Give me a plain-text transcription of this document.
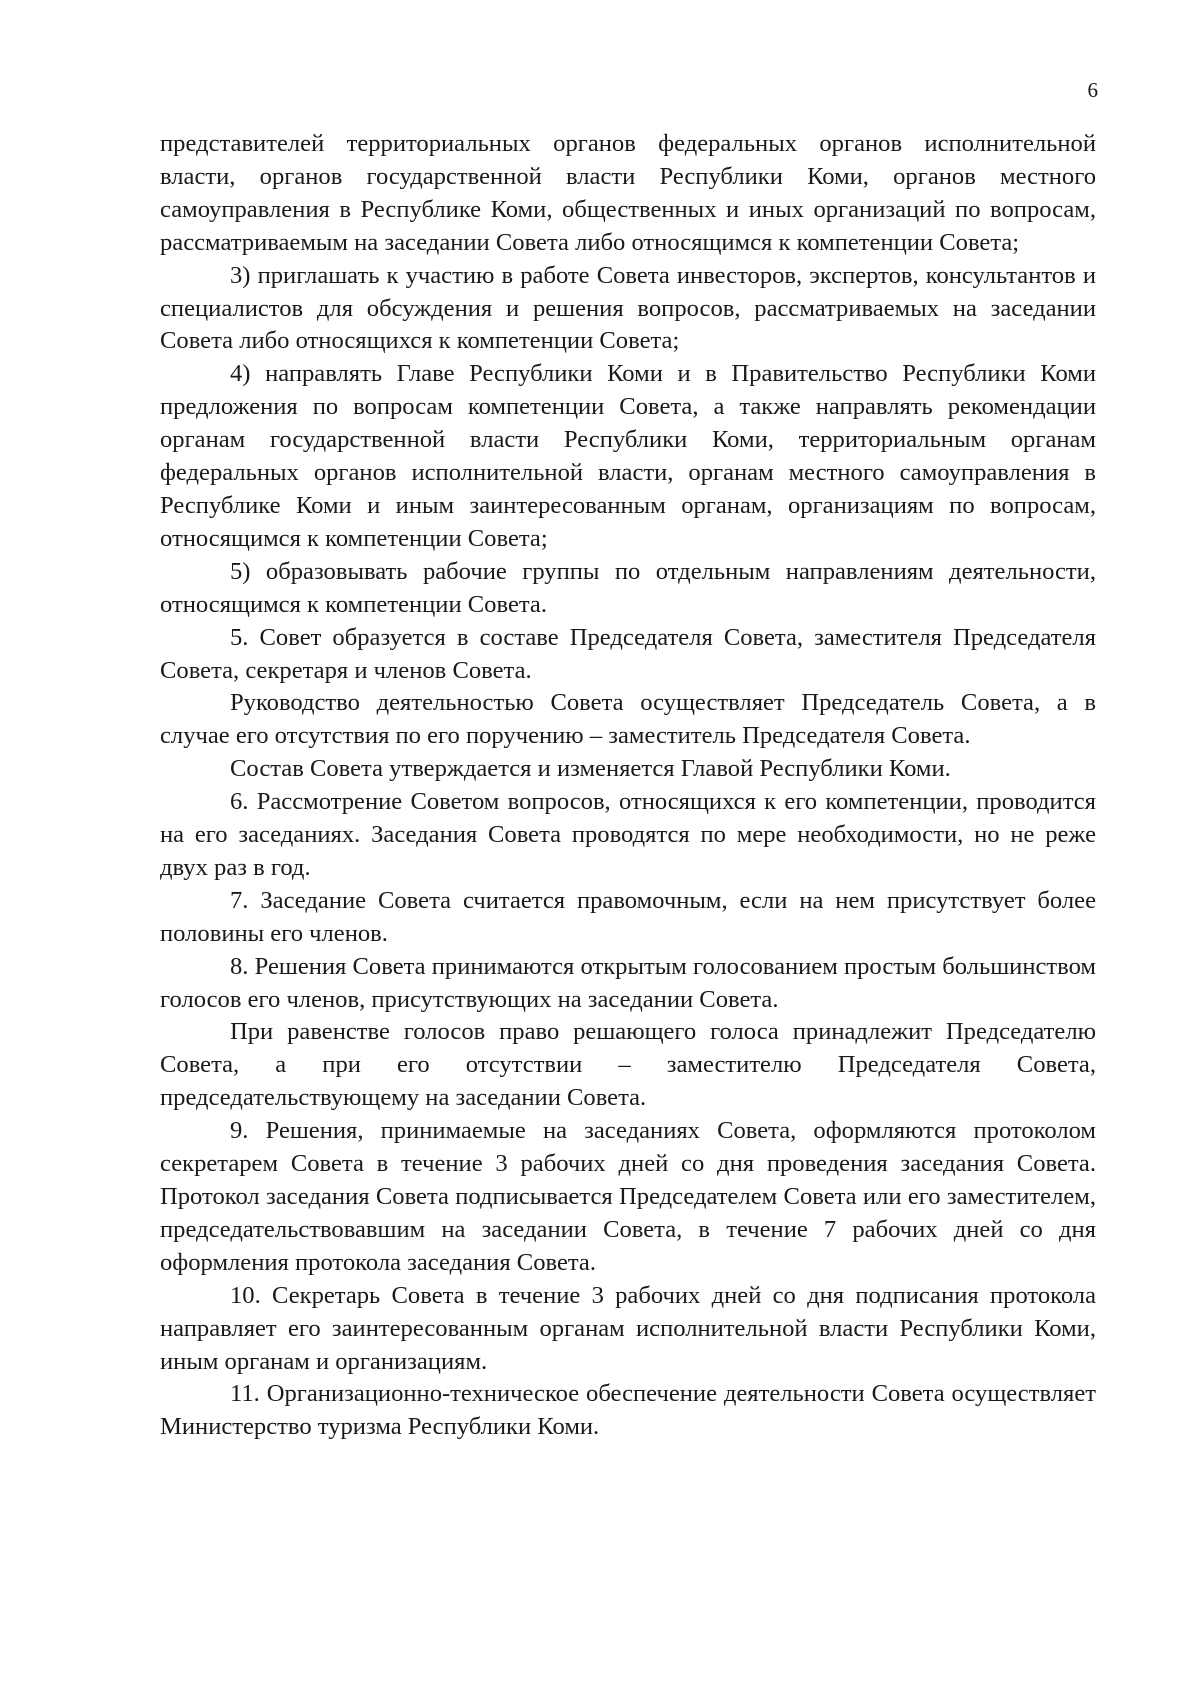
6

представителей территориальных органов федеральных органов исполнительной власти, органов государственной власти Республики Коми, органов местного самоуправления в Республике Коми, общественных и иных организаций по вопросам, рассматриваемым на заседании Совета либо относящимся к компетенции Совета;

3) приглашать к участию в работе Совета инвесторов, экспертов, консультантов и специалистов для обсуждения и решения вопросов, рассматриваемых на заседании Совета либо относящихся к компетенции Совета;

4) направлять Главе Республики Коми и в Правительство Республики Коми предложения по вопросам компетенции Совета, а также направлять рекомендации органам государственной власти Республики Коми, территориальным органам федеральных органов исполнительной власти, органам местного самоуправления в Республике Коми и иным заинтересованным органам, организациям по вопросам, относящимся к компетенции Совета;

5) образовывать рабочие группы по отдельным направлениям деятельности, относящимся к компетенции Совета.

5. Совет образуется в составе Председателя Совета, заместителя Председателя Совета, секретаря и членов Совета.

Руководство деятельностью Совета осуществляет Председатель Совета, а в случае его отсутствия по его поручению – заместитель Председателя Совета.

Состав Совета утверждается и изменяется Главой Республики Коми.

6. Рассмотрение Советом вопросов, относящихся к его компетенции, проводится на его заседаниях. Заседания Совета проводятся по мере необходимости, но не реже двух раз в год.

7. Заседание Совета считается правомочным, если на нем присутствует более половины его членов.

8. Решения Совета принимаются открытым голосованием простым большинством голосов его членов, присутствующих на заседании Совета.

При равенстве голосов право решающего голоса принадлежит Председателю Совета, а при его отсутствии – заместителю Председателя Совета, председательствующему на заседании Совета.

9. Решения, принимаемые на заседаниях Совета, оформляются протоколом секретарем Совета в течение 3 рабочих дней со дня проведения заседания Совета. Протокол заседания Совета подписывается Председателем Совета или его заместителем, председательствовавшим на заседании Совета, в течение 7 рабочих дней со дня оформления протокола заседания Совета.

10. Секретарь Совета в течение 3 рабочих дней со дня подписания протокола направляет его заинтересованным органам исполнительной власти Республики Коми, иным органам и организациям.

11. Организационно-техническое обеспечение деятельности Совета осуществляет Министерство туризма Республики Коми.
